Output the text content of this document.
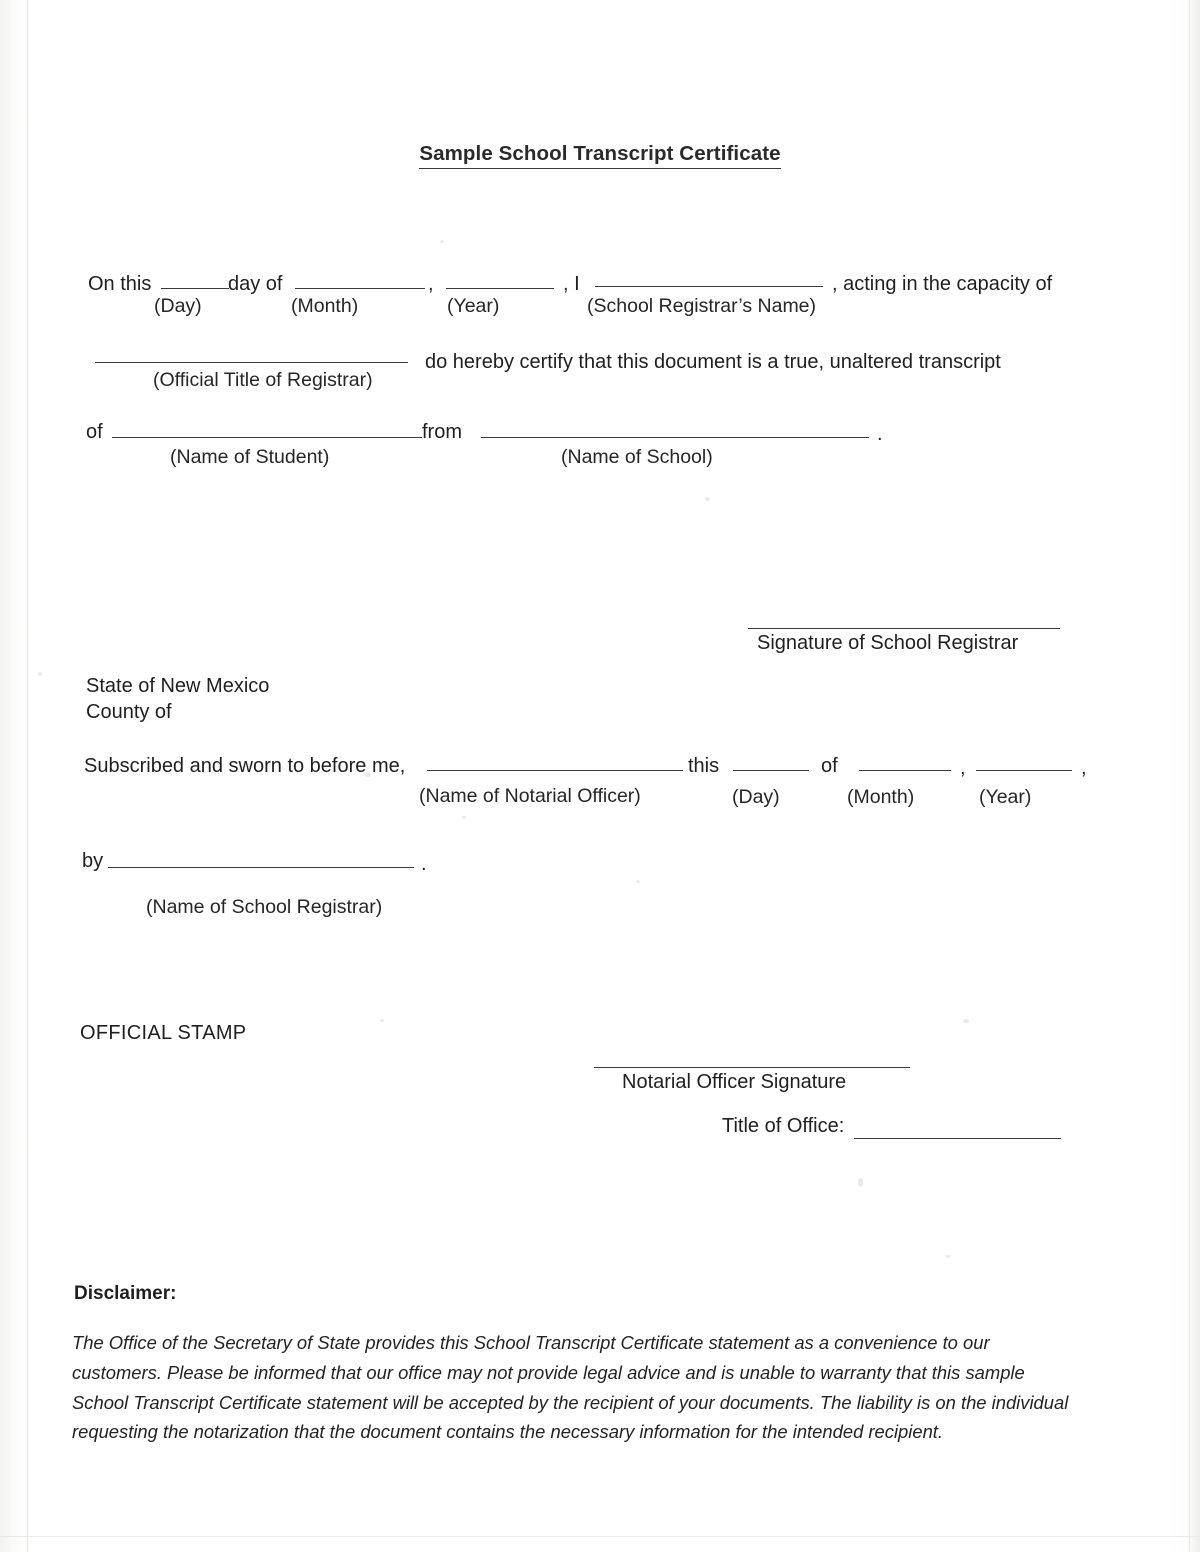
Sample School Transcript Certificate
On this	day of	,	, I	, acting in the capacity of
(Day)	(Month)	(Year)	(School Registrar’s Name)
do hereby certify that this document is a true, unaltered transcript
(Official Title of Registrar)
of	from	.
(Name of Student)	(Name of School)
Signature of School Registrar
State of New Mexico
County of
Subscribed and sworn to before me,	this	of	,	,
(Name of Notarial Officer)	(Day)	(Month)	(Year)
by	.
(Name of School Registrar)
OFFICIAL STAMP
Notarial Officer Signature
Title of Office:
Disclaimer:
The Office of the Secretary of State provides this School Transcript Certificate statement as a convenience to our customers. Please be informed that our office may not provide legal advice and is unable to warranty that this sample School Transcript Certificate statement will be accepted by the recipient of your documents. The liability is on the individual requesting the notarization that the document contains the necessary information for the intended recipient.
